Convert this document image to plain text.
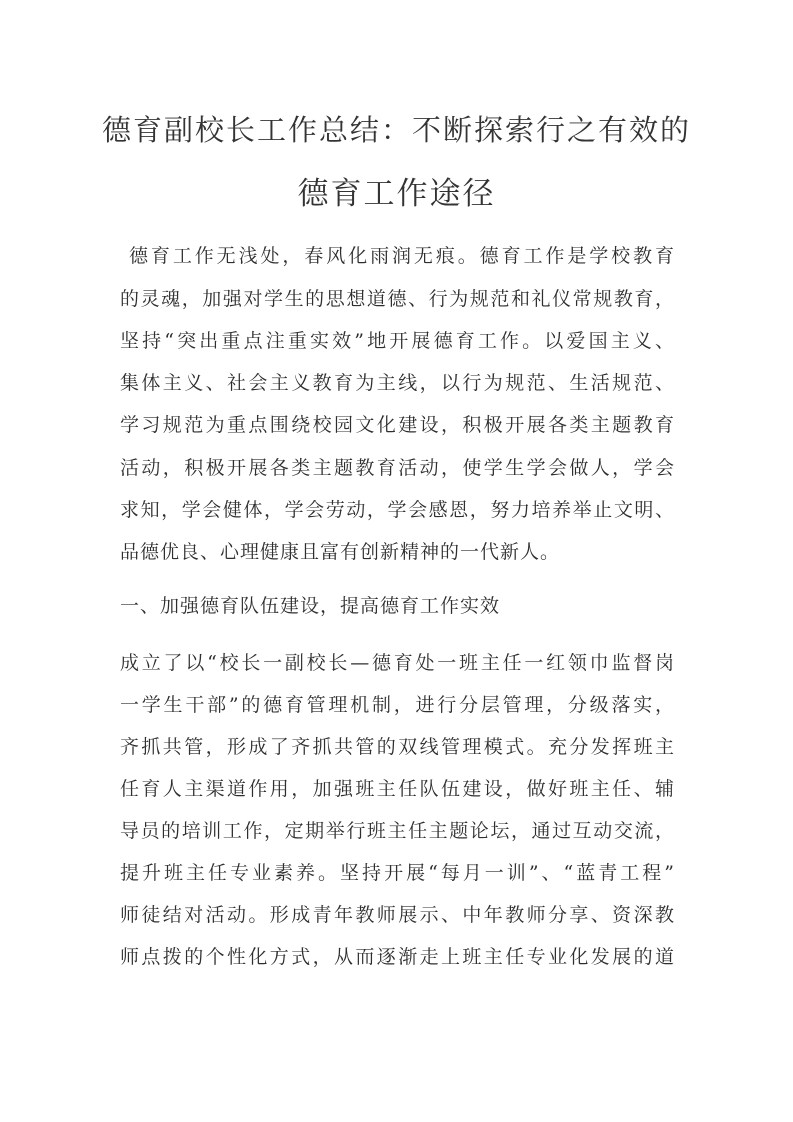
德育副校长工作总结：不断探索行之有效的
德育工作途径
德育工作无浅处，春风化雨润无痕。德育工作是学校教育
的灵魂，加强对学生的思想道德、行为规范和礼仪常规教育，
坚持“突出重点注重实效”地开展德育工作。以爱国主义、
集体主义、社会主义教育为主线，以行为规范、生活规范、
学习规范为重点围绕校园文化建设，积极开展各类主题教育
活动，积极开展各类主题教育活动，使学生学会做人，学会
求知，学会健体，学会劳动，学会感恩，努力培养举止文明、
品德优良、心理健康且富有创新精神的一代新人。
一、加强德育队伍建设，提高德育工作实效
成立了以“校长一副校长—德育处一班主任一红领巾监督岗
一学生干部”的德育管理机制，进行分层管理，分级落实，
齐抓共管，形成了齐抓共管的双线管理模式。充分发挥班主
任育人主渠道作用，加强班主任队伍建设，做好班主任、辅
导员的培训工作，定期举行班主任主题论坛，通过互动交流，
提升班主任专业素养。坚持开展“每月一训”、“蓝青工程”
师徒结对活动。形成青年教师展示、中年教师分享、资深教
师点拨的个性化方式，从而逐渐走上班主任专业化发展的道
